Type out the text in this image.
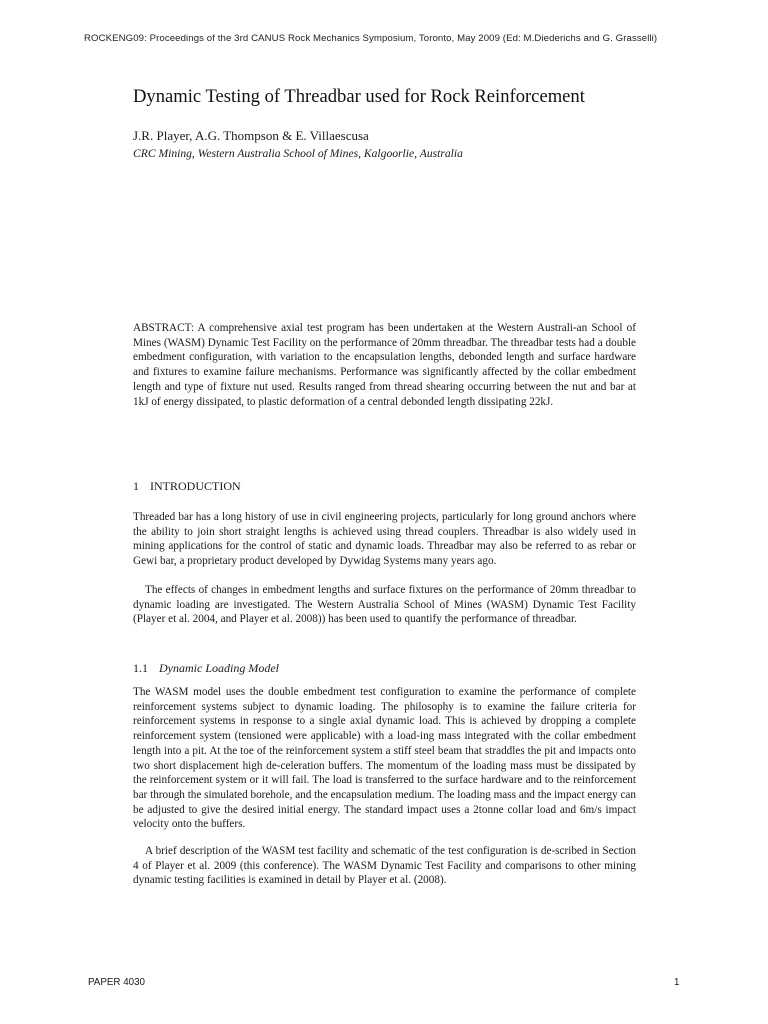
ROCKENG09: Proceedings of the 3rd CANUS Rock Mechanics Symposium, Toronto, May 2009 (Ed: M.Diederichs and G. Grasselli)
Dynamic Testing of Threadbar used for Rock Reinforcement
J.R. Player, A.G. Thompson & E. Villaescusa
CRC Mining, Western Australia School of Mines, Kalgoorlie, Australia

ABSTRACT: A comprehensive axial test program has been undertaken at the Western Australi-an School of Mines (WASM) Dynamic Test Facility on the performance of 20mm threadbar. The threadbar tests had a double embedment configuration, with variation to the encapsulation lengths, debonded length and surface hardware and fixtures to examine failure mechanisms. Performance was significantly affected by the collar embedment length and type of fixture nut used. Results ranged from thread shearing occurring between the nut and bar at 1kJ of energy dissipated, to plastic deformation of a central debonded length dissipating 22kJ.

1 INTRODUCTION

Threaded bar has a long history of use in civil engineering projects, particularly for long ground anchors where the ability to join short straight lengths is achieved using thread couplers. Threadbar is also widely used in mining applications for the control of static and dynamic loads. Threadbar may also be referred to as rebar or Gewi bar, a proprietary product developed by Dywidag Systems many years ago.

The effects of changes in embedment lengths and surface fixtures on the performance of 20mm threadbar to dynamic loading are investigated. The Western Australia School of Mines (WASM) Dynamic Test Facility (Player et al. 2004, and Player et al. 2008)) has been used to quantify the performance of threadbar.

1.1 Dynamic Loading Model

The WASM model uses the double embedment test configuration to examine the performance of complete reinforcement systems subject to dynamic loading. The philosophy is to examine the failure criteria for reinforcement systems in response to a single axial dynamic load. This is achieved by dropping a complete reinforcement system (tensioned were applicable) with a load-ing mass integrated with the collar embedment length into a pit. At the toe of the reinforcement system a stiff steel beam that straddles the pit and impacts onto two short displacement high de-celeration buffers. The momentum of the loading mass must be dissipated by the reinforcement system or it will fail. The load is transferred to the surface hardware and to the reinforcement bar through the simulated borehole, and the encapsulation medium. The loading mass and the impact energy can be adjusted to give the desired initial energy. The standard impact uses a 2tonne collar load and 6m/s impact velocity onto the buffers.

A brief description of the WASM test facility and schematic of the test configuration is de-scribed in Section 4 of Player et al. 2009 (this conference). The WASM Dynamic Test Facility and comparisons to other mining dynamic testing facilities is examined in detail by Player et al. (2008).

PAPER 4030	1
